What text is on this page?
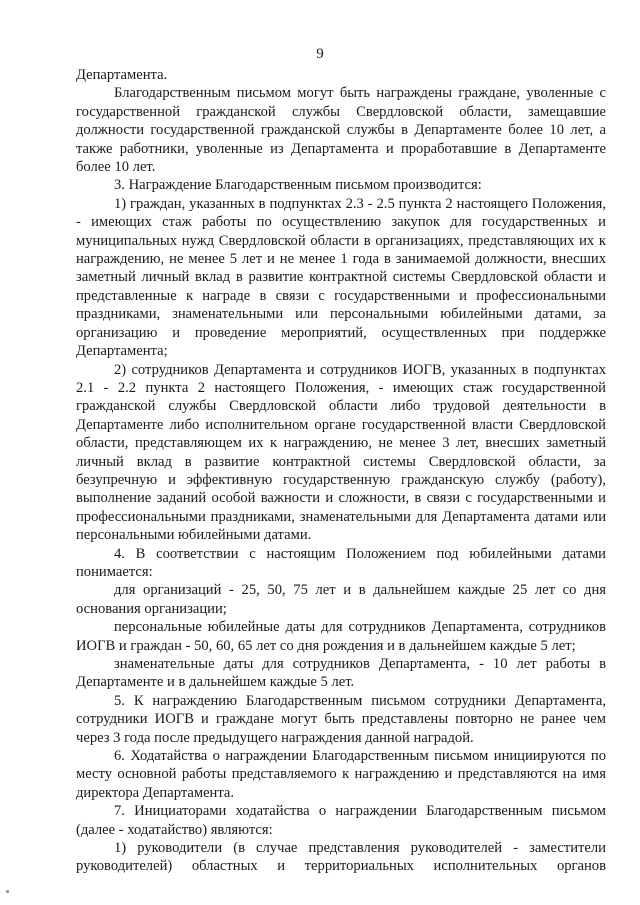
9

Департамента.

Благодарственным письмом могут быть награждены граждане, уволенные с государственной гражданской службы Свердловской области, замещавшие должности государственной гражданской службы в Департаменте более 10 лет, а также работники, уволенные из Департамента и проработавшие в Департаменте более 10 лет.

3. Награждение Благодарственным письмом производится:

1) граждан, указанных в подпунктах 2.3 - 2.5 пункта 2 настоящего Положения, - имеющих стаж работы по осуществлению закупок для государственных и муниципальных нужд Свердловской области в организациях, представляющих их к награждению, не менее 5 лет и не менее 1 года в занимаемой должности, внесших заметный личный вклад в развитие контрактной системы Свердловской области и представленные к награде в связи с государственными и профессиональными праздниками, знаменательными или персональными юбилейными датами, за организацию и проведение мероприятий, осуществленных при поддержке Департамента;

2) сотрудников Департамента и сотрудников ИОГВ, указанных в подпунктах 2.1 - 2.2 пункта 2 настоящего Положения, - имеющих стаж государственной гражданской службы Свердловской области либо трудовой деятельности в Департаменте либо исполнительном органе государственной власти Свердловской области, представляющем их к награждению, не менее 3 лет, внесших заметный личный вклад в развитие контрактной системы Свердловской области, за безупречную и эффективную государственную гражданскую службу (работу), выполнение заданий особой важности и сложности, в связи с государственными и профессиональными праздниками, знаменательными для Департамента датами или персональными юбилейными датами.

4. В соответствии с настоящим Положением под юбилейными датами понимается:

для организаций - 25, 50, 75 лет и в дальнейшем каждые 25 лет со дня основания организации;

персональные юбилейные даты для сотрудников Департамента, сотрудников ИОГВ и граждан - 50, 60, 65 лет со дня рождения и в дальнейшем каждые 5 лет;

знаменательные даты для сотрудников Департамента, - 10 лет работы в Департаменте и в дальнейшем каждые 5 лет.

5. К награждению Благодарственным письмом сотрудники Департамента, сотрудники ИОГВ и граждане могут быть представлены повторно не ранее чем через 3 года после предыдущего награждения данной наградой.

6. Ходатайства о награждении Благодарственным письмом инициируются по месту основной работы представляемого к награждению и представляются на имя директора Департамента.

7. Инициаторами ходатайства о награждении Благодарственным письмом (далее - ходатайство) являются:

1) руководители (в случае представления руководителей - заместители руководителей) областных и территориальных исполнительных органов
